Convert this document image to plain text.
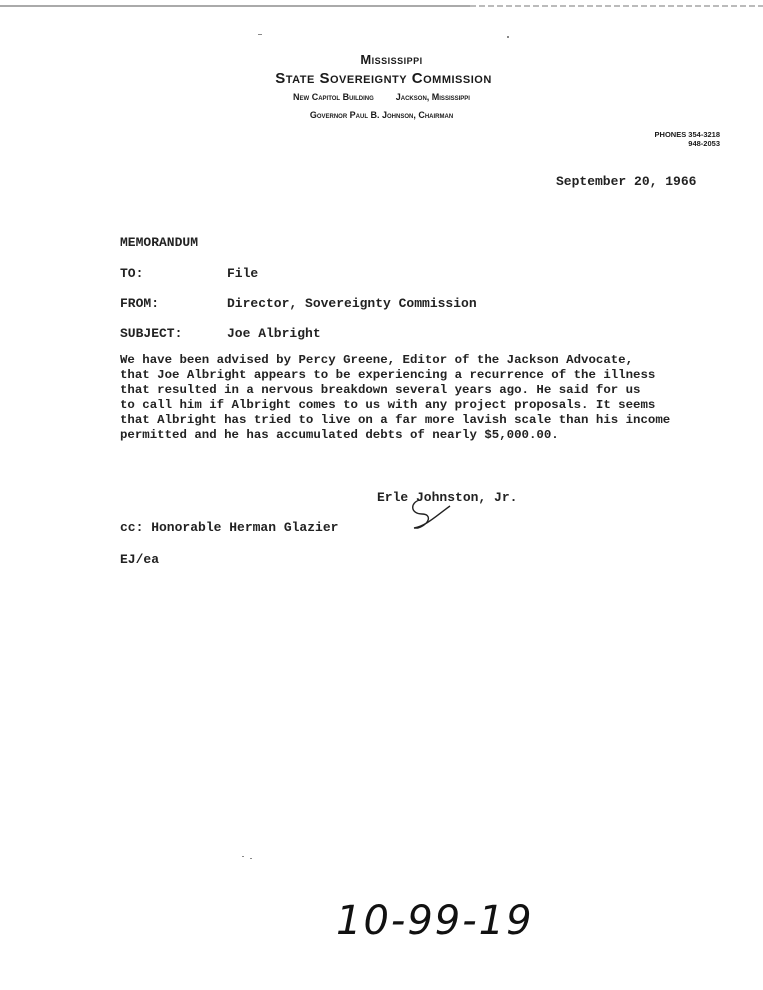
Mississippi
State Sovereignty Commission
New Capitol Building Jackson, Mississippi
Governor Paul B. Johnson, Chairman
PHONES 354-3218
948-2053
September 20, 1966
MEMORANDUM
TO:	File
FROM:	Director, Sovereignty Commission
SUBJECT:	Joe Albright
We have been advised by Percy Greene, Editor of the Jackson Advocate,
that Joe Albright appears to be experiencing a recurrence of the illness
that resulted in a nervous breakdown several years ago. He said for us
to call him if Albright comes to us with any project proposals. It seems
that Albright has tried to live on a far more lavish scale than his income
permitted and he has accumulated debts of nearly $5,000.00.
Erle Johnston, Jr.
cc: Honorable Herman Glazier
EJ/ea
10-99-19
